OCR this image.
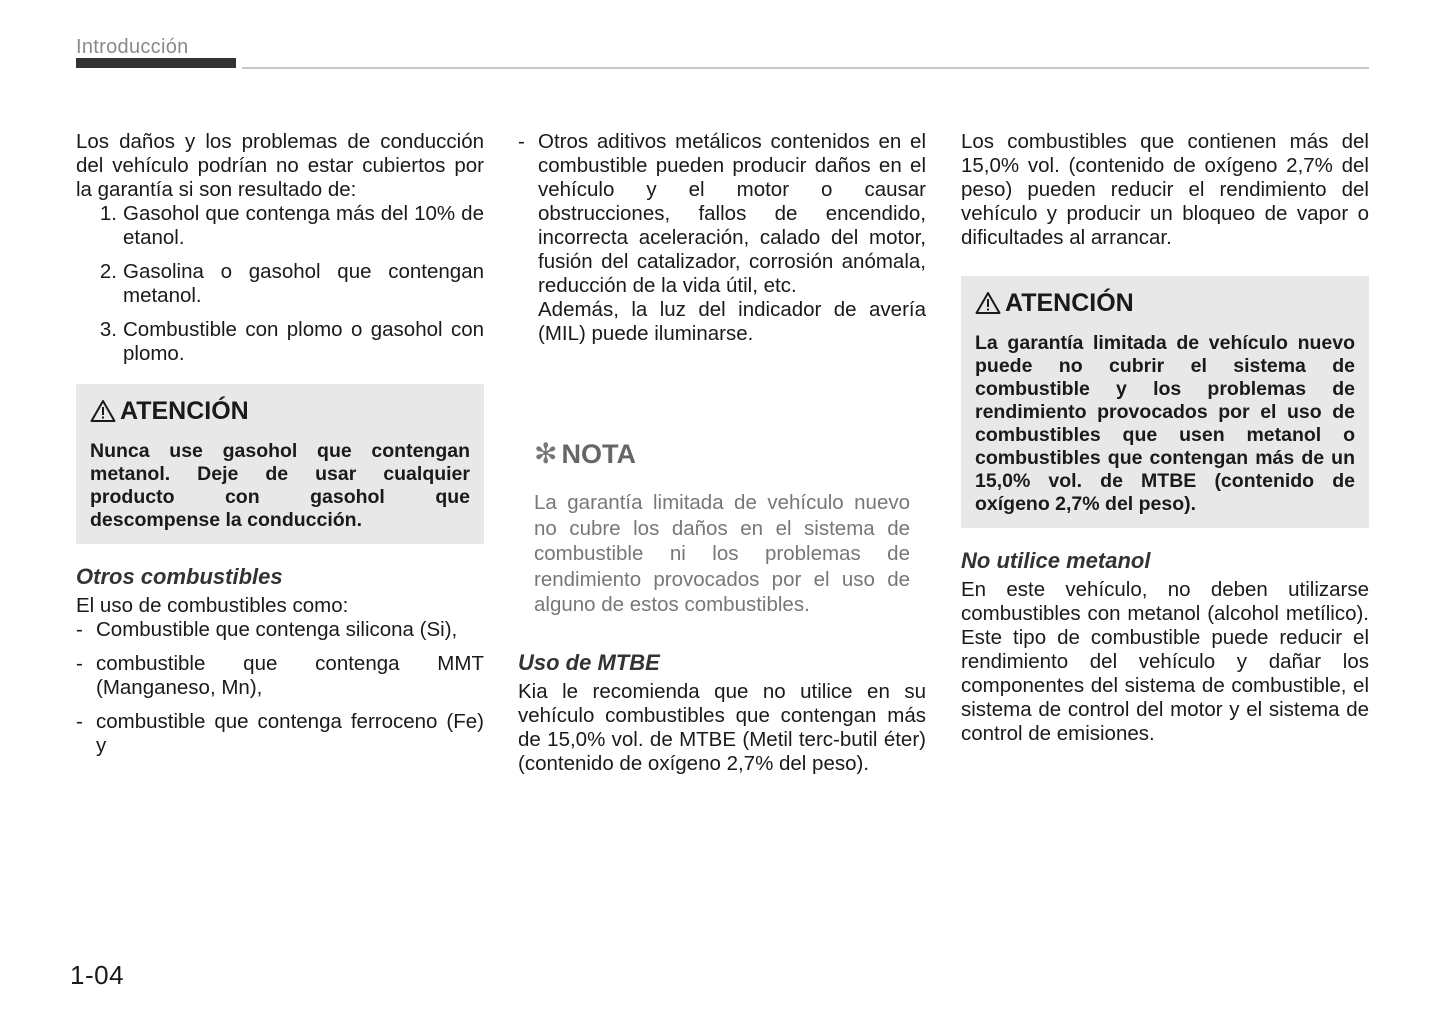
Introducción

Los daños y los problemas de conducción del vehículo podrían no estar cubiertos por la garantía si son resultado de:

1. Gasohol que contenga más del 10% de etanol.
2. Gasolina o gasohol que contengan metanol.
3. Combustible con plomo o gasohol con plomo.
ATENCIÓN
Nunca use gasohol que contengan metanol. Deje de usar cualquier producto con gasohol que descompense la conducción.

Otros combustibles

El uso de combustibles como:

- Combustible que contenga silicona (Si),
- combustible que contenga MMT (Manganeso, Mn),
- combustible que contenga ferroceno (Fe) y
- Otros aditivos metálicos contenidos en el combustible pueden producir daños en el vehículo y el motor o causar obstrucciones, fallos de encendido, incorrecta aceleración, calado del motor, fusión del catalizador, corrosión anómala, reducción de la vida útil, etc.
Además, la luz del indicador de avería (MIL) puede iluminarse.
✻ NOTA
La garantía limitada de vehículo nuevo no cubre los daños en el sistema de combustible ni los problemas de rendimiento provocados por el uso de alguno de estos combustibles.

Uso de MTBE

Kia le recomienda que no utilice en su vehículo combustibles que contengan más de 15,0% vol. de MTBE (Metil terc-butil éter) (contenido de oxígeno 2,7% del peso).

Los combustibles que contienen más del 15,0% vol. (contenido de oxígeno 2,7% del peso) pueden reducir el rendimiento del vehículo y producir un bloqueo de vapor o dificultades al arrancar.

ATENCIÓN
La garantía limitada de vehículo nuevo puede no cubrir el sistema de combustible y los problemas de rendimiento provocados por el uso de combustibles que usen metanol o combustibles que contengan más de un 15,0% vol. de MTBE (contenido de oxígeno 2,7% del peso).

No utilice metanol

En este vehículo, no deben utilizarse combustibles con metanol (alcohol metílico). Este tipo de combustible puede reducir el rendimiento del vehículo y dañar los componentes del sistema de combustible, el sistema de control del motor y el sistema de control de emisiones.

1-04
